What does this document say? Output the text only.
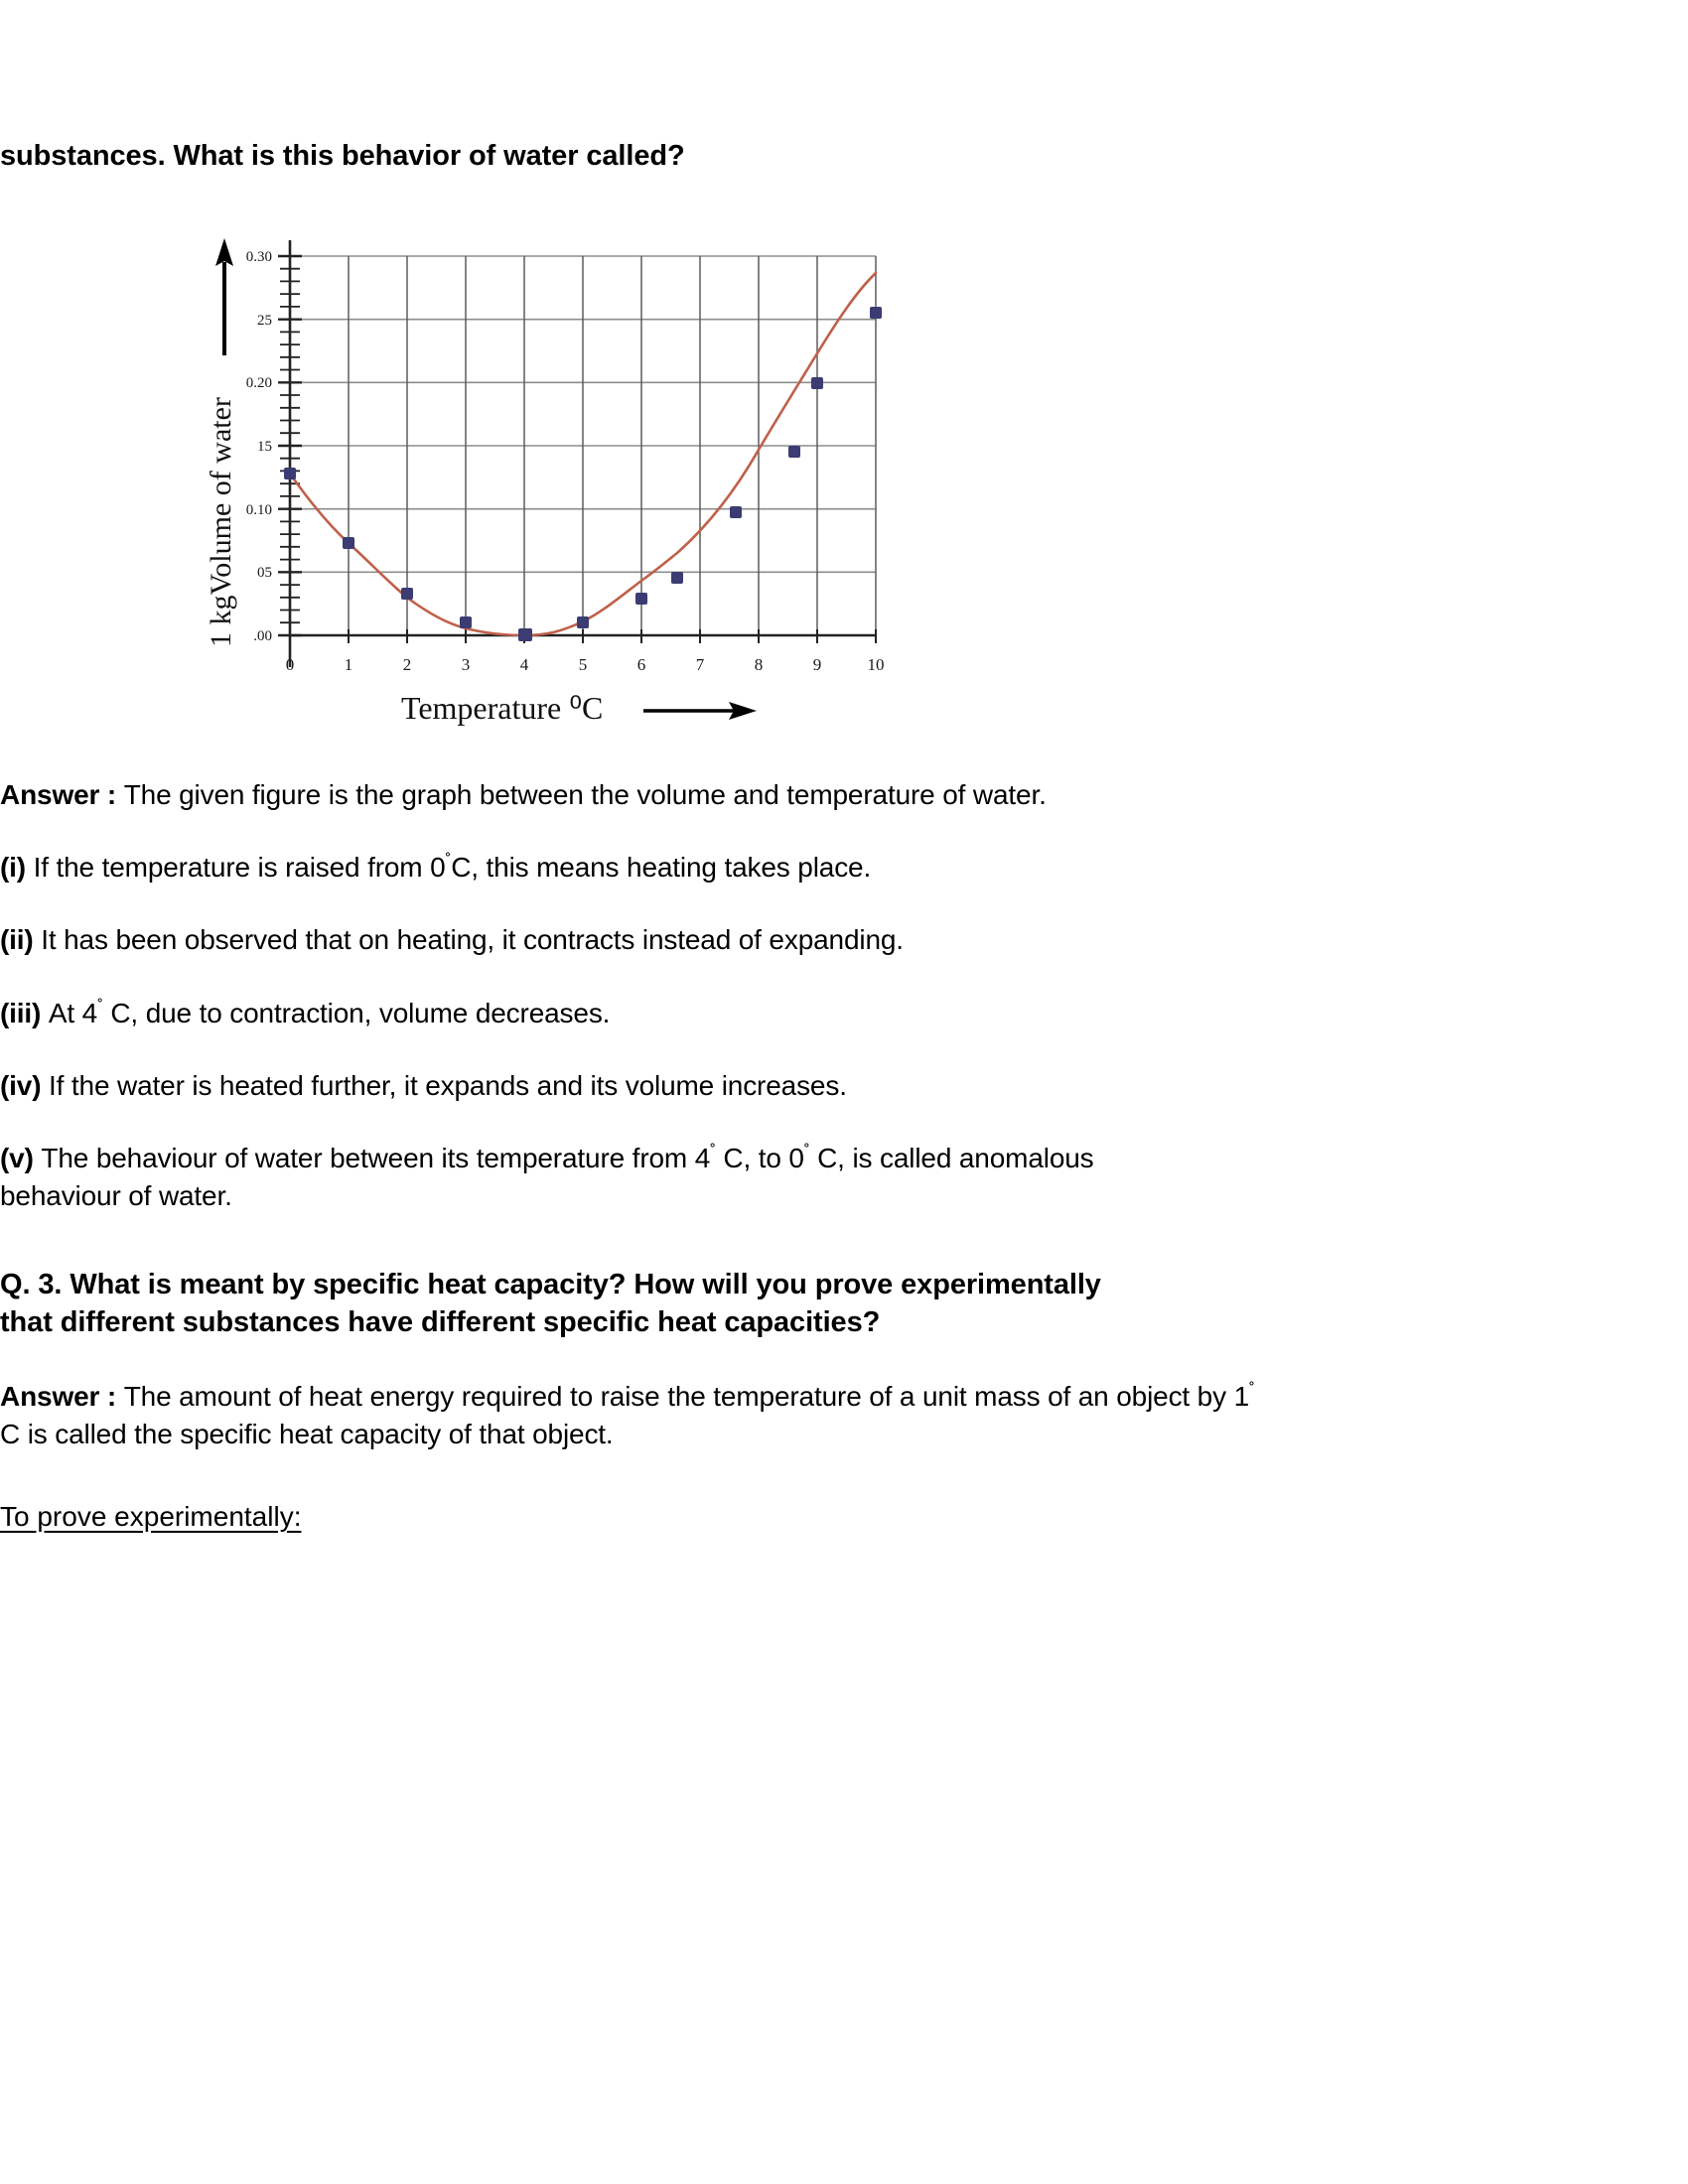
substances. What is this behavior of water called?

0.30
25
0.20
15
0.10
05
.00
0	1	2	3	4	5	6	7	8	9	10
1 kgVolume of water
Temperature ⁰C

Answer : The given figure is the graph between the volume and temperature of water.

(i) If the temperature is raised from 0˚C, this means heating takes place.

(ii) It has been observed that on heating, it contracts instead of expanding.

(iii) At 4˚ C, due to contraction, volume decreases.

(iv) If the water is heated further, it expands and its volume increases.

(v) The behaviour of water between its temperature from 4˚ C, to 0˚ C, is called anomalous behaviour of water.

Q. 3. What is meant by specific heat capacity? How will you prove experimentally

that different substances have different specific heat capacities?

Answer : The amount of heat energy required to raise the temperature of a unit mass of an object by 1˚ C is called the specific heat capacity of that object.

To prove experimentally:
